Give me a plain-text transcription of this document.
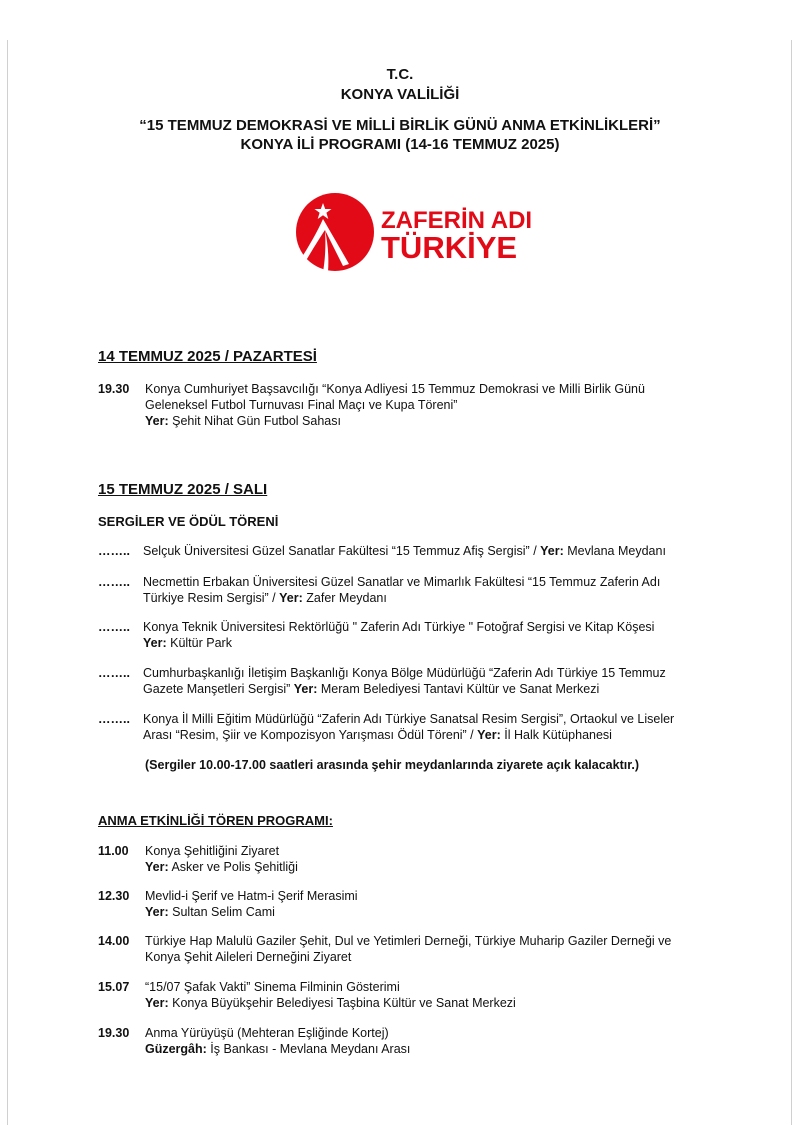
T.C.
KONYA VALİLİĞİ
“15 TEMMUZ DEMOKRASİ VE MİLLİ BİRLİK GÜNÜ ANMA ETKİNLİKLERİ”
KONYA İLİ PROGRAMI (14-16 TEMMUZ 2025)
ZAFERİN ADI
TÜRKİYE
14 TEMMUZ 2025 / PAZARTESİ
19.30 Konya Cumhuriyet Başsavcılığı “Konya Adliyesi 15 Temmuz Demokrasi ve Milli Birlik Günü
Geleneksel Futbol Turnuvası Final Maçı ve Kupa Töreni”
Yer: Şehit Nihat Gün Futbol Sahası
15 TEMMUZ 2025 / SALI
SERGİLER VE ÖDÜL TÖRENİ
…….. Selçuk Üniversitesi Güzel Sanatlar Fakültesi “15 Temmuz Afiş Sergisi” / Yer: Mevlana Meydanı
…….. Necmettin Erbakan Üniversitesi Güzel Sanatlar ve Mimarlık Fakültesi “15 Temmuz Zaferin Adı
Türkiye Resim Sergisi” / Yer: Zafer Meydanı
…….. Konya Teknik Üniversitesi Rektörlüğü " Zaferin Adı Türkiye " Fotoğraf Sergisi ve Kitap Köşesi
Yer: Kültür Park
…….. Cumhurbaşkanlığı İletişim Başkanlığı Konya Bölge Müdürlüğü “Zaferin Adı Türkiye 15 Temmuz
Gazete Manşetleri Sergisi” Yer: Meram Belediyesi Tantavi Kültür ve Sanat Merkezi
…….. Konya İl Milli Eğitim Müdürlüğü “Zaferin Adı Türkiye Sanatsal Resim Sergisi”, Ortaokul ve Liseler
Arası “Resim, Şiir ve Kompozisyon Yarışması Ödül Töreni” / Yer: İl Halk Kütüphanesi
(Sergiler 10.00-17.00 saatleri arasında şehir meydanlarında ziyarete açık kalacaktır.)
ANMA ETKİNLİĞİ TÖREN PROGRAMI:
11.00 Konya Şehitliğini Ziyaret
Yer: Asker ve Polis Şehitliği
12.30 Mevlid-i Şerif ve Hatm-i Şerif Merasimi
Yer: Sultan Selim Cami
14.00 Türkiye Hap Malulü Gaziler Şehit, Dul ve Yetimleri Derneği, Türkiye Muharip Gaziler Derneği ve
Konya Şehit Aileleri Derneğini Ziyaret
15.07 “15/07 Şafak Vakti” Sinema Filminin Gösterimi
Yer: Konya Büyükşehir Belediyesi Taşbina Kültür ve Sanat Merkezi
19.30 Anma Yürüyüşü (Mehteran Eşliğinde Kortej)
Güzergâh: İş Bankası - Mevlana Meydanı Arası
